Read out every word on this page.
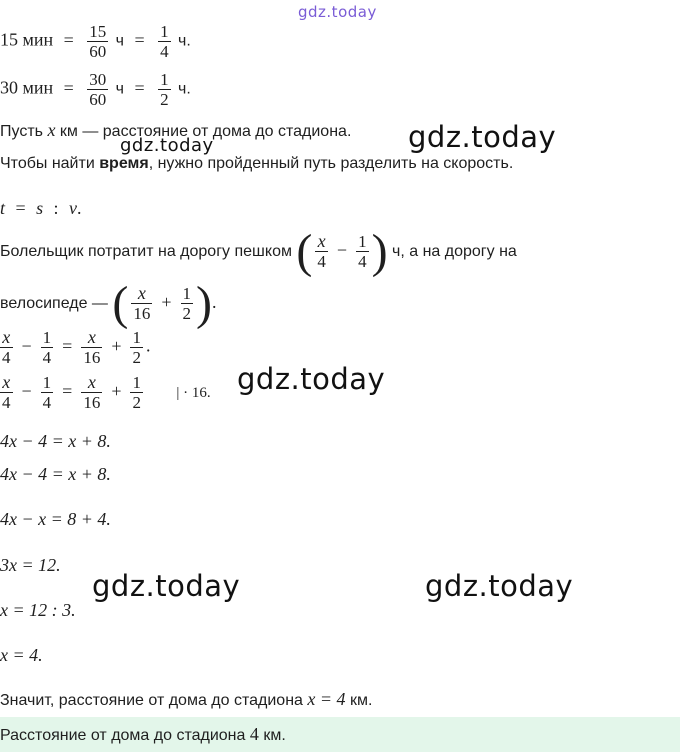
gdz.today
gdz.today
gdz.today
gdz.today
gdz.today	gdz.today
15 мин = $\frac{15}{60}$ $ч = \frac{1}{4} ч$.
30 мин = $\frac{30}{60}$ $ч = \frac{1}{2} ч$.
Пусть x км — расстояние от дома до стадиона.
Чтобы найти время, нужно пройденный путь разделить на скорость.
t = s : v.
Болельщик потратит на дорогу пешком ( $\frac{x}{4} - \frac{1}{4}$ ) ч, а на дорогу на
велосипеде — ( $\frac{x}{16} + \frac{1}{2}$ ).
$\frac{x}{4} - \frac{1}{4} = \frac{x}{16} + \frac{1}{2}$ .
$\frac{x}{4} - \frac{1}{4} = \frac{x}{16} + \frac{1}{2}$ | · 16.
4x − 4 = x + 8.
4x − 4 = x + 8.
4x − x = 8 + 4.
3x = 12.
x = 12 : 3.
x = 4.
Значит, расстояние от дома до стадиона x = 4 км.
Расстояние от дома до стадиона 4 км.
